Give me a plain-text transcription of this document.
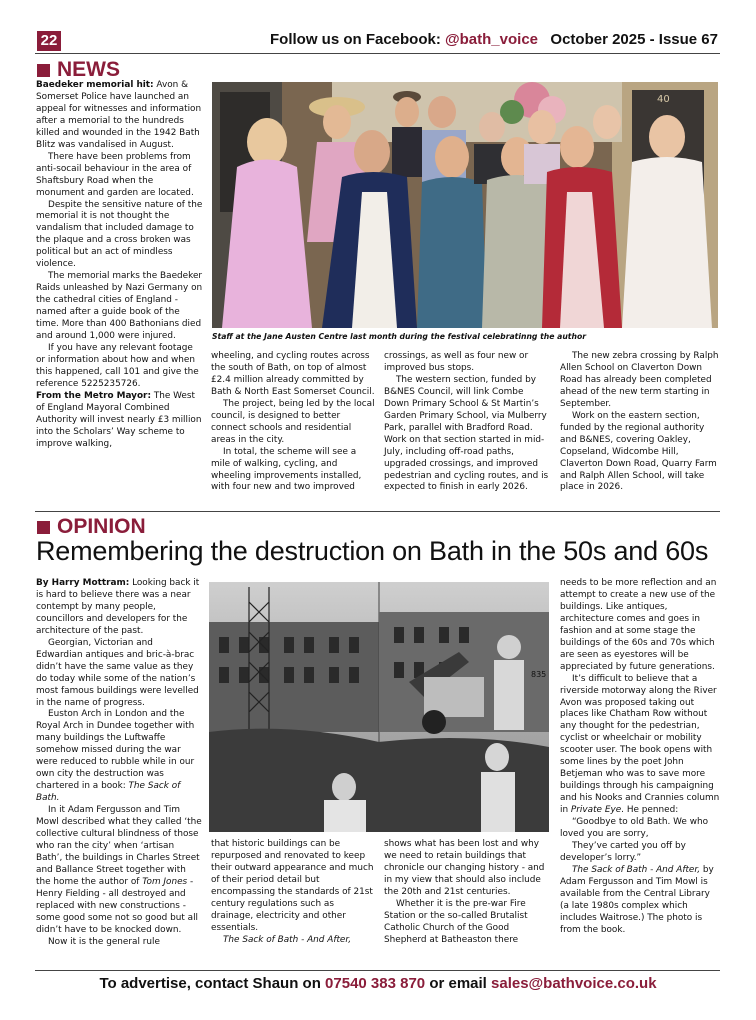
22	Follow us on Facebook: @bath_voice October 2025 - Issue 67
NEWS

Baedeker memorial hit: Avon & Somerset Police have launched an appeal for witnesses and information after a memorial to the hundreds killed and wounded in the 1942 Bath Blitz was vandalised in August.

There have been problems from anti-socail behaviour in the area of Shaftsbury Road when the monument and garden are located.

Despite the sensitive nature of the memorial it is not thought the vandalism that included damage to the plaque and a cross broken was political but an act of mindless violence.

The memorial marks the Baedeker Raids unleashed by Nazi Germany on the cathedral cities of England - named after a guide book of the time. More than 400 Bathonians died and around 1,000 were injured.

If you have any relevant footage or information about how and when this happened, call 101 and give the reference 5225235726.

From the Metro Mayor: The West of England Mayoral Combined Authority will invest nearly £3 million into the Scholars’ Way scheme to improve walking,

40
Staff at the Jane Austen Centre last month during the festival celebratinng the author

wheeling, and cycling routes across the south of Bath, on top of almost £2.4 million already committed by Bath & North East Somerset Council.

The project, being led by the local council, is designed to better connect schools and residential areas in the city.

In total, the scheme will see a mile of walking, cycling, and wheeling improvements installed, with four new and two improved

crossings, as well as four new or improved bus stops.

The western section, funded by B&NES Council, will link Combe Down Primary School & St Martin’s Garden Primary School, via Mulberry Park, parallel with Bradford Road. Work on that section started in mid-July, including off-road paths, upgraded crossings, and improved pedestrian and cycling routes, and is expected to finish in early 2026.

The new zebra crossing by Ralph Allen School on Claverton Down Road has already been completed ahead of the new term starting in September.

Work on the eastern section, funded by the regional authority and B&NES, covering Oakley, Copseland, Widcombe Hill, Claverton Down Road, Quarry Farm and Ralph Allen School, will take place in 2026.

OPINION
Remembering the destruction on Bath in the 50s and 60s

By Harry Mottram: Looking back it is hard to believe there was a near contempt by many people, councillors and developers for the architecture of the past.

Georgian, Victorian and Edwardian antiques and bric-à-brac didn’t have the same value as they do today while some of the nation’s most famous buildings were levelled in the name of progress.

Euston Arch in London and the Royal Arch in Dundee together with many buildings the Luftwaffe somehow missed during the war were reduced to rubble while in our own city the destruction was chartered in a book: The Sack of Bath.

In it Adam Fergusson and Tim Mowl described what they called ‘the collective cultural blindness of those who ran the city’ when ‘artisan Bath’, the buildings in Charles Street and Ballance Street together with the home the author of Tom Jones - Henry Fielding - all destroyed and replaced with new constructions - some good some not so good but all didn’t have to be knocked down.

Now it is the general rule

835

that historic buildings can be repurposed and renovated to keep their outward appearance and much of their period detail but encompassing the standards of 21st century regulations such as drainage, electricity and other essentials.

The Sack of Bath - And After,

shows what has been lost and why we need to retain buildings that chronicle our changing history - and in my view that should also include the 20th and 21st centuries.

Whether it is the pre-war Fire Station or the so-called Brutalist Catholic Church of the Good Shepherd at Batheaston there

needs to be more reflection and an attempt to create a new use of the buildings. Like antiques, architecture comes and goes in fashion and at some stage the buildings of the 60s and 70s which are seen as eyestores will be appreciated by future generations.

It’s difficult to believe that a riverside motorway along the River Avon was proposed taking out places like Chatham Row without any thought for the pedestrian, cyclist or wheelchair or mobility scooter user. The book opens with some lines by the poet John Betjeman who was to save more buildings through his campaigning and his Nooks and Crannies column in Private Eye. He penned:

“Goodbye to old Bath. We who loved you are sorry,

They’ve carted you off by developer’s lorry.”

The Sack of Bath - And After, by Adam Fergusson and Tim Mowl is available from the Central Library (a late 1980s complex which includes Waitrose.) The photo is from the book.

To advertise, contact Shaun on 07540 383 870 or email sales@bathvoice.co.uk
